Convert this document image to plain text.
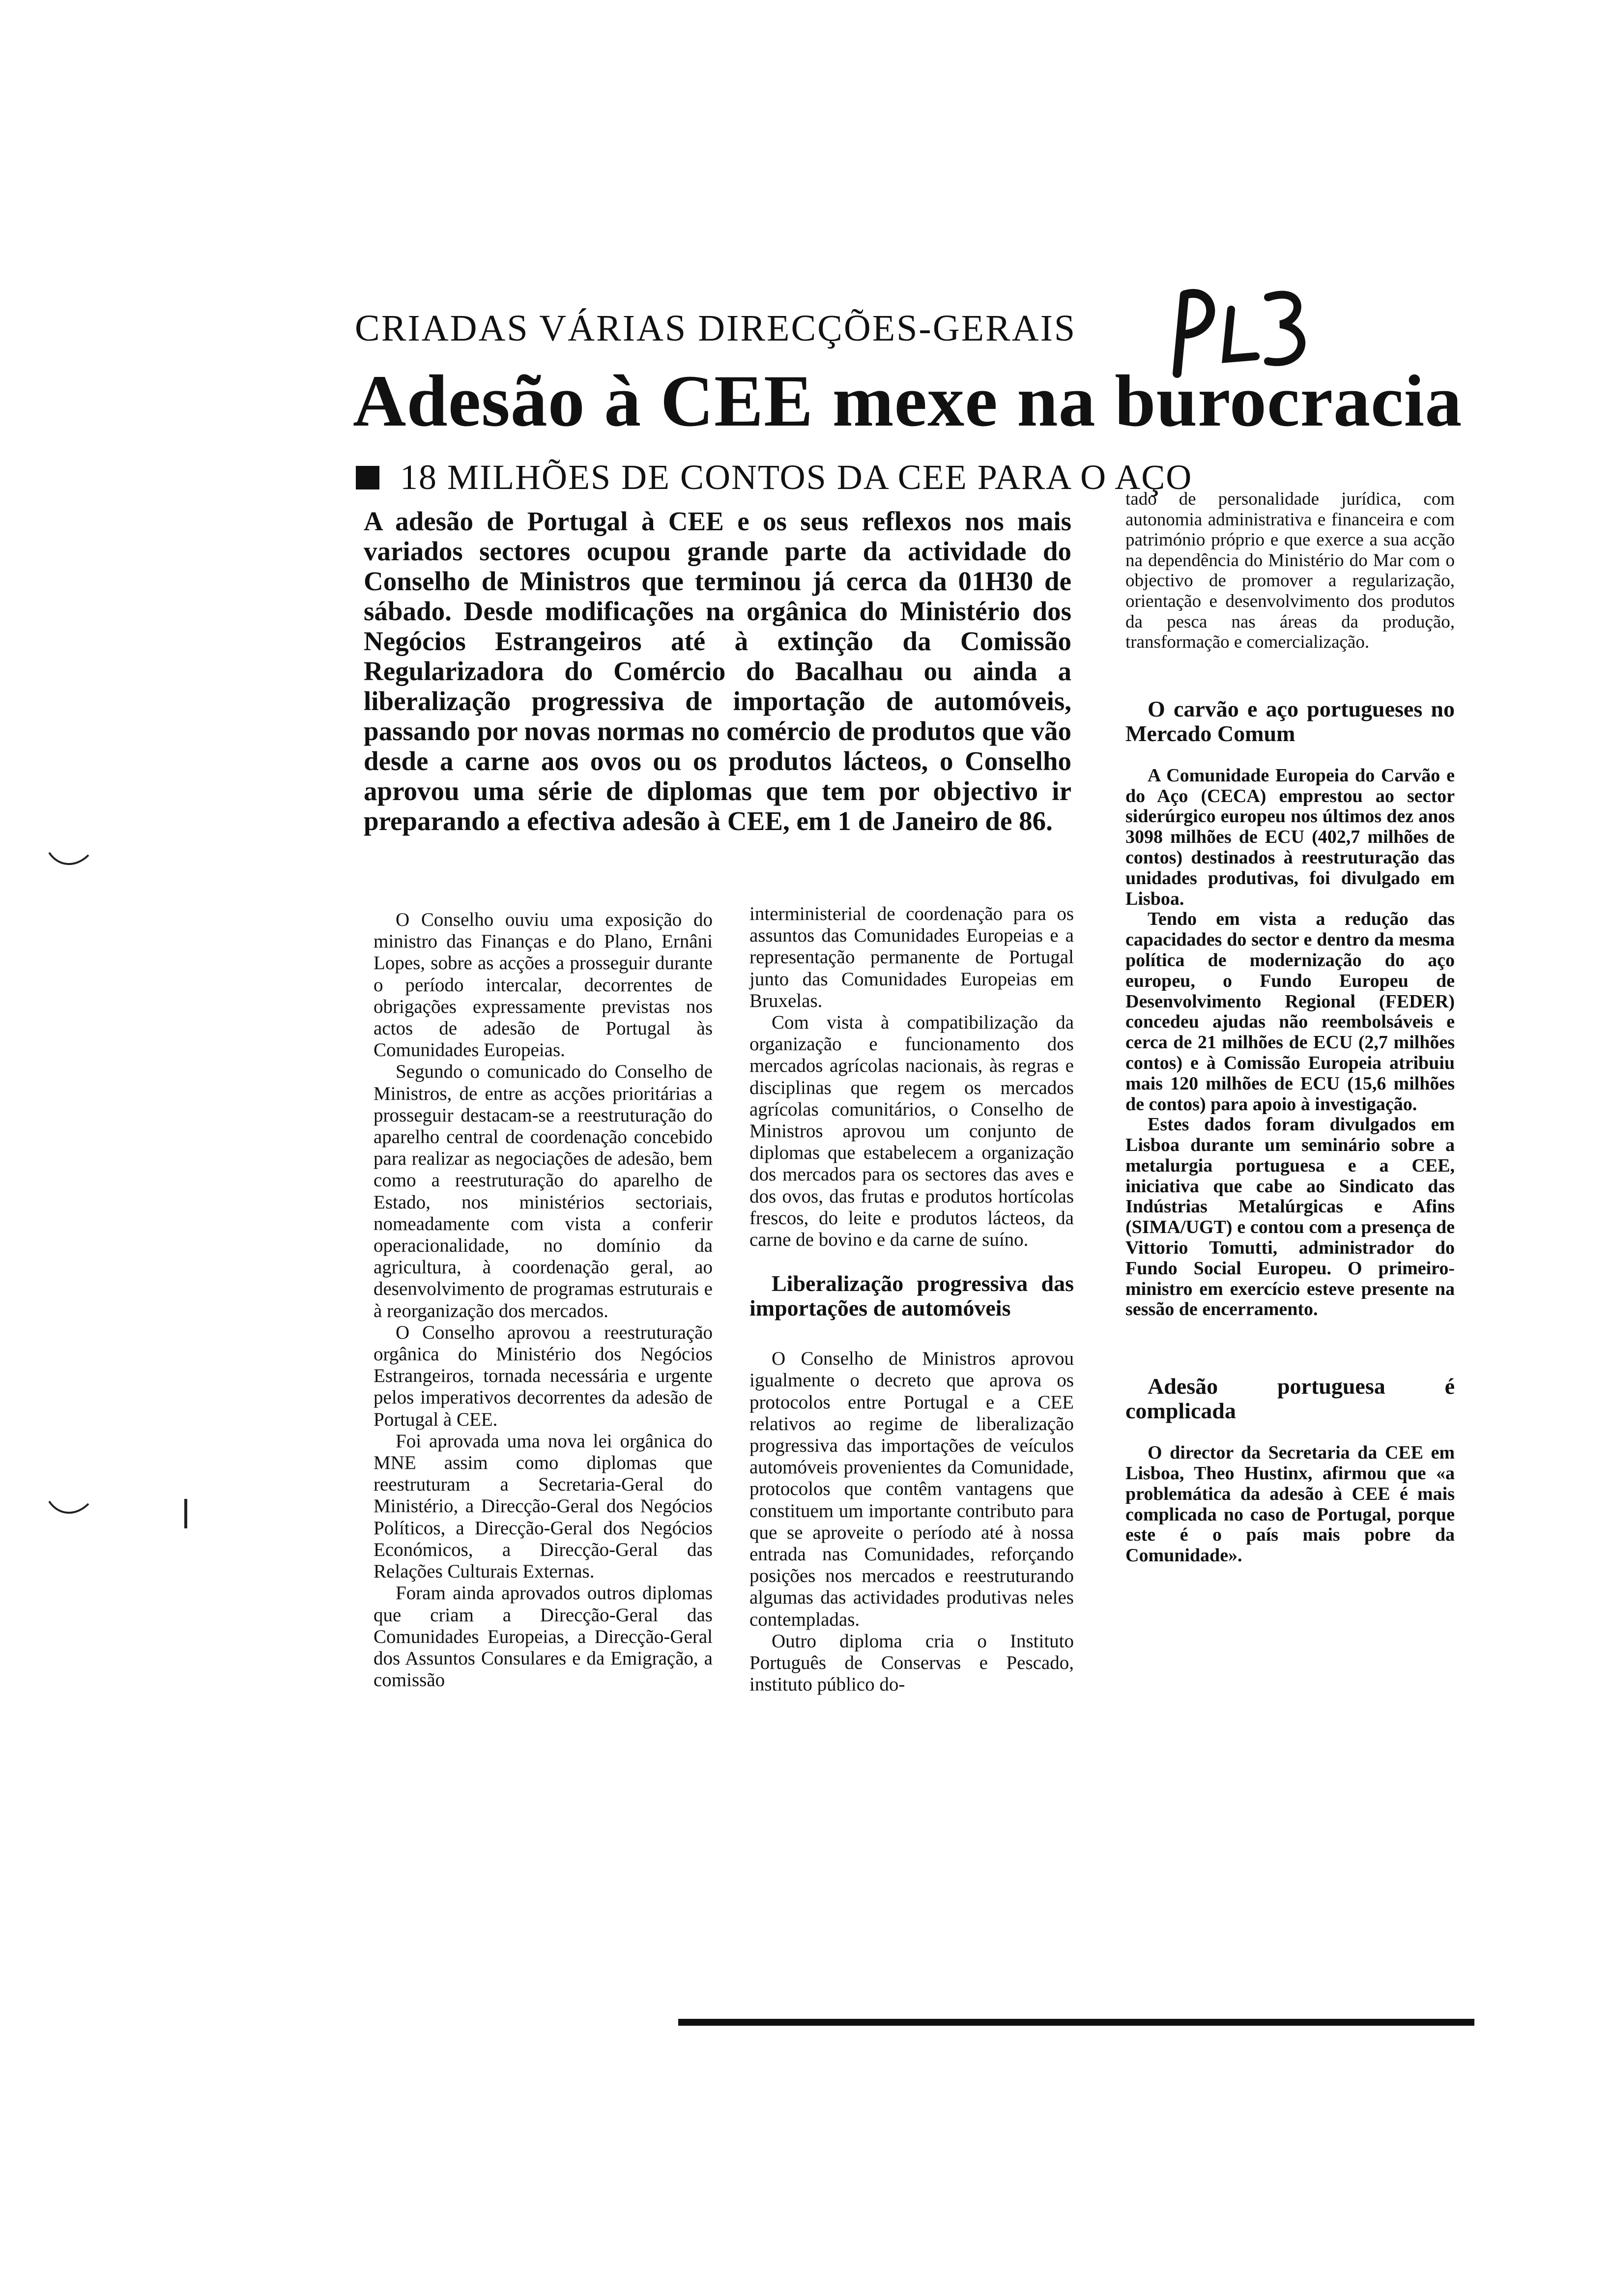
CRIADAS VÁRIAS DIRECÇÕES-GERAIS
Adesão à CEE mexe na burocracia
18 MILHÕES DE CONTOS DA CEE PARA O AÇO
A adesão de Portugal à CEE e os seus reflexos nos mais variados sectores ocupou grande parte da actividade do Conselho de Ministros que terminou já cerca da 01H30 de sábado. Desde modificações na orgânica do Ministério dos Negócios Estrangeiros até à extinção da Comissão Regularizadora do Comércio do Bacalhau ou ainda a liberalização progressiva de importação de automóveis, passando por novas normas no comércio de produtos que vão desde a carne aos ovos ou os produtos lácteos, o Conselho aprovou uma série de diplomas que tem por objectivo ir preparando a efectiva adesão à CEE, em 1 de Janeiro de 86.

O Conselho ouviu uma exposição do ministro das Finanças e do Plano, Ernâni Lopes, sobre as acções a prosseguir durante o período intercalar, decorrentes de obrigações expressamente previstas nos actos de adesão de Portugal às Comunidades Europeias.

Segundo o comunicado do Conselho de Ministros, de entre as acções prioritárias a prosseguir destacam-se a reestruturação do aparelho central de coordenação concebido para realizar as negociações de adesão, bem como a reestruturação do aparelho de Estado, nos ministérios sectoriais, nomeadamente com vista a conferir operacionalidade, no domínio da agricultura, à coordenação geral, ao desenvolvimento de programas estruturais e à reorganização dos mercados.

O Conselho aprovou a reestruturação orgânica do Ministério dos Negócios Estrangeiros, tornada necessária e urgente pelos imperativos decorrentes da adesão de Portugal à CEE.

Foi aprovada uma nova lei orgânica do MNE assim como diplomas que reestruturam a Secretaria-Geral do Ministério, a Direcção-Geral dos Negócios Políticos, a Direcção-Geral dos Negócios Económicos, a Direcção-Geral das Relações Culturais Externas.

Foram ainda aprovados outros diplomas que criam a Direcção-Geral das Comunidades Europeias, a Direcção-Geral dos Assuntos Consulares e da Emigração, a comissão

interministerial de coordenação para os assuntos das Comunidades Europeias e a representação permanente de Portugal junto das Comunidades Europeias em Bruxelas.

Com vista à compatibilização da organização e funcionamento dos mercados agrícolas nacionais, às regras e disciplinas que regem os mercados agrícolas comunitários, o Conselho de Ministros aprovou um conjunto de diplomas que estabelecem a organização dos mercados para os sectores das aves e dos ovos, das frutas e produtos hortícolas frescos, do leite e produtos lácteos, da carne de bovino e da carne de suíno.

Liberalização progressiva das importações de automóveis

O Conselho de Ministros aprovou igualmente o decreto que aprova os protocolos entre Portugal e a CEE relativos ao regime de liberalização progressiva das importações de veículos automóveis provenientes da Comunidade, protocolos que contêm vantagens que constituem um importante contributo para que se aproveite o período até à nossa entrada nas Comunidades, reforçando posições nos mercados e reestruturando algumas das actividades produtivas neles contempladas.

Outro diploma cria o Instituto Português de Conservas e Pescado, instituto público do-

tado de personalidade jurídica, com autonomia administrativa e financeira e com património próprio e que exerce a sua acção na dependência do Ministério do Mar com o objectivo de promover a regularização, orientação e desenvolvimento dos produtos da pesca nas áreas da produção, transformação e comercialização.

O carvão e aço portugueses no Mercado Comum

A Comunidade Europeia do Carvão e do Aço (CECA) emprestou ao sector siderúrgico europeu nos últimos dez anos 3098 milhões de ECU (402,7 milhões de contos) destinados à reestruturação das unidades produtivas, foi divulgado em Lisboa.

Tendo em vista a redução das capacidades do sector e dentro da mesma política de modernização do aço europeu, o Fundo Europeu de Desenvolvimento Regional (FEDER) concedeu ajudas não reembolsáveis e cerca de 21 milhões de ECU (2,7 milhões contos) e à Comissão Europeia atribuiu mais 120 milhões de ECU (15,6 milhões de contos) para apoio à investigação.

Estes dados foram divulgados em Lisboa durante um seminário sobre a metalurgia portuguesa e a CEE, iniciativa que cabe ao Sindicato das Indústrias Metalúrgicas e Afins (SIMA/UGT) e contou com a presença de Vittorio Tomutti, administrador do Fundo Social Europeu. O primeiro-ministro em exercício esteve presente na sessão de encerramento.

Adesão portuguesa é complicada

O director da Secretaria da CEE em Lisboa, Theo Hustinx, afirmou que «a problemática da adesão à CEE é mais complicada no caso de Portugal, porque este é o país mais pobre da Comunidade».
